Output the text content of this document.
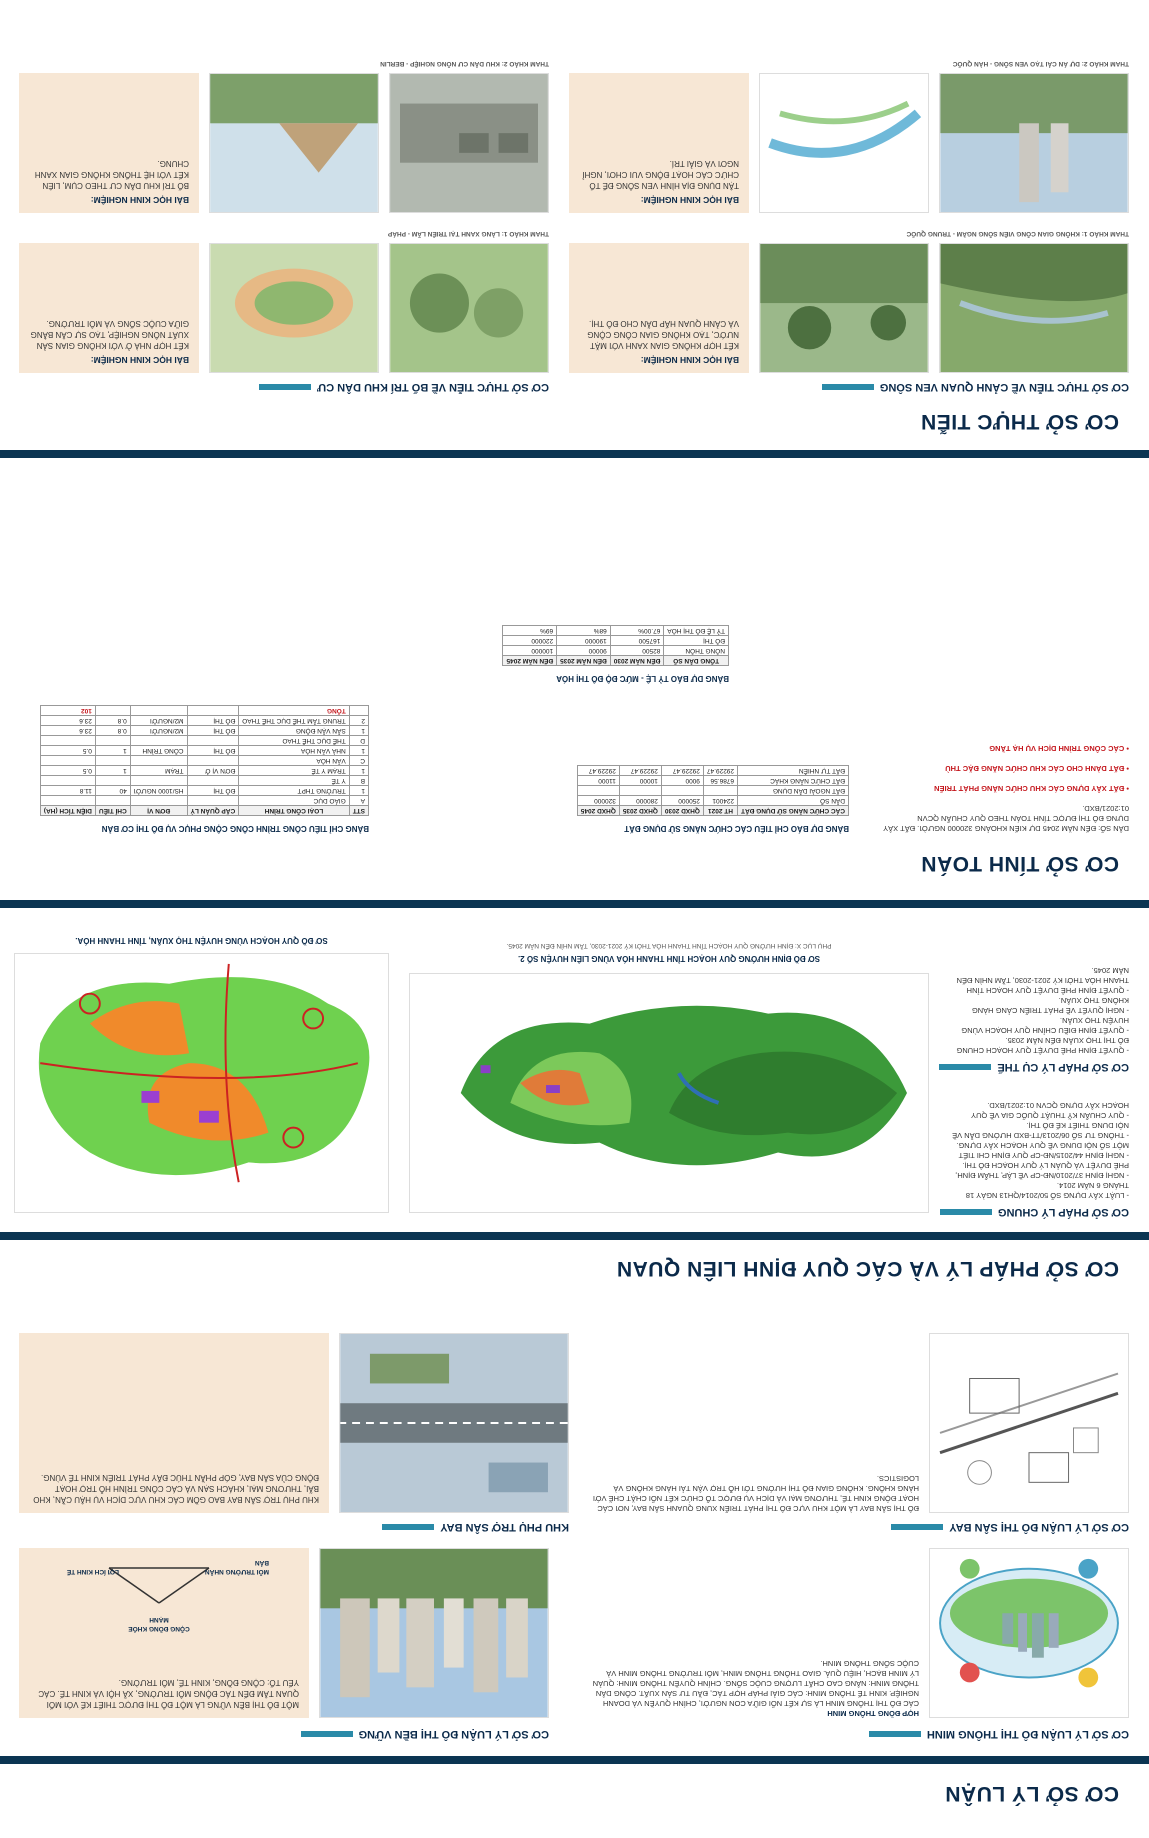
CƠ SỞ LÝ LUẬN
CƠ SỞ LÝ LUẬN ĐÔ THỊ THÔNG MINH
CƠ SỞ LÝ LUẬN ĐÔ THỊ BỀN VỮNG
HỢP ĐỒNG THÔNG MINH
CÁC ĐÔ THỊ THÔNG MINH LÀ SỰ KẾT NỐI GIỮA CON NGƯỜI, CHÍNH QUYỀN VÀ DOANH NGHIỆP. KINH TẾ THÔNG MINH: CÁC GIẢI PHÁP HỢP TÁC, ĐẦU TƯ SẢN XUẤT. CÔNG DÂN THÔNG MINH: NÂNG CAO CHẤT LƯỢNG CUỘC SỐNG. CHÍNH QUYỀN THÔNG MINH: QUẢN LÝ MINH BẠCH, HIỆU QUẢ. GIAO THÔNG THÔNG MINH, MÔI TRƯỜNG THÔNG MINH VÀ CUỘC SỐNG THÔNG MINH.
MỘT ĐÔ THỊ BỀN VỮNG LÀ MỘT ĐÔ THỊ ĐƯỢC THIẾT KẾ VỚI MỐI QUAN TÂM ĐẾN TÁC ĐỘNG MÔI TRƯỜNG, XÃ HỘI VÀ KINH TẾ. CÁC YẾU TỐ: CỘNG ĐỒNG, KINH TẾ, MÔI TRƯỜNG.
CỘNG ĐỒNG KHỎE MẠNH
MÔI TRƯỜNG NHÂN BẢN
LỢI ÍCH KINH TẾ
CƠ SỞ LÝ LUẬN ĐÔ THỊ SÂN BAY
KHU PHỤ TRỢ SÂN BAY
ĐÔ THỊ SÂN BAY LÀ MỘT KHU VỰC ĐÔ THỊ PHÁT TRIỂN XUNG QUANH SÂN BAY, NƠI CÁC HOẠT ĐỘNG KINH TẾ, THƯƠNG MẠI VÀ DỊCH VỤ ĐƯỢC TỔ CHỨC KẾT NỐI CHẶT CHẼ VỚI HÀNG KHÔNG. KHÔNG GIAN ĐÔ THỊ HƯỚNG TỚI HỖ TRỢ VẬN TẢI HÀNG KHÔNG VÀ LOGISTICS.
KHU PHỤ TRỢ SÂN BAY BAO GỒM CÁC KHU VỰC DỊCH VỤ HẬU CẦN, KHO BÃI, THƯƠNG MẠI, KHÁCH SẠN VÀ CÁC CÔNG TRÌNH HỖ TRỢ HOẠT ĐỘNG CỦA SÂN BAY, GÓP PHẦN THÚC ĐẨY PHÁT TRIỂN KINH TẾ VÙNG.
CƠ SỞ PHÁP LÝ VÀ CÁC QUY ĐỊNH LIÊN QUAN
CƠ SỞ PHÁP LÝ CHUNG
- LUẬT XÂY DỰNG SỐ 50/2014/QH13 NGÀY 18 THÁNG 6 NĂM 2014.
- NGHỊ ĐỊNH 37/2010/NĐ-CP VỀ LẬP, THẨM ĐỊNH, PHÊ DUYỆT VÀ QUẢN LÝ QUY HOẠCH ĐÔ THỊ.
- NGHỊ ĐỊNH 44/2015/NĐ-CP QUY ĐỊNH CHI TIẾT MỘT SỐ NỘI DUNG VỀ QUY HOẠCH XÂY DỰNG.
- THÔNG TƯ SỐ 06/2013/TT-BXD HƯỚNG DẪN VỀ NỘI DUNG THIẾT KẾ ĐÔ THỊ.
- QUY CHUẨN KỸ THUẬT QUỐC GIA VỀ QUY HOẠCH XÂY DỰNG QCVN 01:2021/BXD.
CƠ SỞ PHÁP LÝ CỤ THỂ
- QUYẾT ĐỊNH PHÊ DUYỆT QUY HOẠCH CHUNG ĐÔ THỊ THỌ XUÂN ĐẾN NĂM 2035.
- QUYẾT ĐỊNH ĐIỀU CHỈNH QUY HOẠCH VÙNG HUYỆN THỌ XUÂN.
- NGHỊ QUYẾT VỀ PHÁT TRIỂN CẢNG HÀNG KHÔNG THỌ XUÂN.
- QUYẾT ĐỊNH PHÊ DUYỆT QUY HOẠCH TỈNH THANH HÓA THỜI KỲ 2021-2030, TẦM NHÌN ĐẾN NĂM 2045.
SƠ ĐỒ ĐỊNH HƯỚNG QUY HOẠCH TỈNH THANH HÓA VÙNG LIÊN HUYỆN SỐ 2.
PHỤ LỤC X: ĐỊNH HƯỚNG QUY HOẠCH TỈNH THANH HÓA THỜI KỲ 2021-2030, TẦM NHÌN ĐẾN NĂM 2045.
SƠ ĐỒ QUY HOẠCH VÙNG HUYỆN THỌ XUÂN, TỈNH THANH HÓA.
CƠ SỞ TÍNH TOÁN
DÂN SỐ: ĐẾN NĂM 2045 DỰ KIẾN KHOẢNG 320000 NGƯỜI. ĐẤT XÂY DỰNG ĐÔ THỊ ĐƯỢC TÍNH TOÁN THEO QUY CHUẨN QCVN 01:2021/BXD.

• ĐẤT XÂY DỰNG CÁC KHU CHỨC NĂNG PHÁT TRIỂN

• ĐẤT DÀNH CHO CÁC KHU CHỨC NĂNG ĐẶC THÙ

• CÁC CÔNG TRÌNH DỊCH VỤ HẠ TẦNG
BẢNG DỰ BÁO CHỈ TIÊU CÁC CHỨC NĂNG SỬ DỤNG ĐẤT
CÁC CHỨC NĂNG SỬ DỤNG ĐẤT	HT 2021	QHXD 2030	QHXD 2035	QHXD 2045
DÂN SỐ	224001	250000	280000	320000
ĐẤT NGOÀI DÂN DỤNG				
ĐẤT CHỨC NĂNG KHÁC	6786.56	9000	10000	11000
ĐẤT TỰ NHIÊN	29229.47	29229.47	29229.47	29229.47
BẢNG DỰ BÁO TỶ LỆ - MỨC ĐỘ ĐÔ THỊ HÓA
TỔNG DÂN SỐ	ĐẾN NĂM 2030	ĐẾN NĂM 2035	ĐẾN NĂM 2045
NÔNG THÔN	82500	90000	100000
ĐÔ THỊ	167500	190000	220000
TỶ LỆ ĐÔ THỊ HÓA	67.00%	68%	69%
BẢNG CHỈ TIÊU CÔNG TRÌNH CÔNG CỘNG PHỤC VỤ ĐÔ THỊ CƠ BẢN
STT	LOẠI CÔNG TRÌNH	CẤP QUẢN LÝ	ĐƠN VỊ	CHỈ TIÊU	DIỆN TÍCH (HA)
A	GIÁO DỤC				
1	TRƯỜNG THPT	ĐÔ THỊ	HS/1000 NGƯỜI	40	11.8
B	Y TẾ				
1	TRẠM Y TẾ	ĐƠN VỊ Ở	TRẠM	1	0.5
C	VĂN HÓA				
1	NHÀ VĂN HÓA	ĐÔ THỊ	CÔNG TRÌNH	1	0.5
D	THỂ DỤC THỂ THAO				
1	SÂN VẬN ĐỘNG	ĐÔ THỊ	M2/NGƯỜI	0.8	23.6
2	TRUNG TÂM THỂ DỤC THỂ THAO	ĐÔ THỊ	M2/NGƯỜI	0.8	23.6
	TỔNG				102
CƠ SỞ THỰC TIỄN
CƠ SỞ THỰC TIỄN VỀ CẢNH QUAN VEN SÔNG
CƠ SỞ THỰC TIỄN VỀ BỐ TRÍ KHU DÂN CƯ
BÀI HỌC KINH NGHIỆM:
KẾT HỢP KHÔNG GIAN XANH VỚI MẶT NƯỚC, TẠO KHÔNG GIAN CÔNG CỘNG VÀ CẢNH QUAN HẤP DẪN CHO ĐÔ THỊ.
THAM KHẢO 1: KHÔNG GIAN CÔNG VIÊN SÔNG NGẦM - TRUNG QUỐC
BÀI HỌC KINH NGHIỆM:
TẬN DỤNG ĐỊA HÌNH VEN SÔNG ĐỂ TỔ CHỨC CÁC HOẠT ĐỘNG VUI CHƠI, NGHỈ NGƠI VÀ GIẢI TRÍ.
THAM KHẢO 2: DỰ ÁN CẢI TẠO VEN SÔNG - HÀN QUỐC
BÀI HỌC KINH NGHIỆM:
KẾT HỢP NHÀ Ở VỚI KHÔNG GIAN SẢN XUẤT NÔNG NGHIỆP, TẠO SỰ CÂN BẰNG GIỮA CUỘC SỐNG VÀ MÔI TRƯỜNG.
THAM KHẢO 1: LÀNG XANH TẠI TRIỂN LÃM - PHÁP
BÀI HỌC KINH NGHIỆM:
BỐ TRÍ KHU DÂN CƯ THEO CỤM, LIÊN KẾT VỚI HỆ THỐNG KHÔNG GIAN XANH CHUNG.
THAM KHẢO 2: KHU DÂN CƯ NÔNG NGHIỆP - BERLIN
